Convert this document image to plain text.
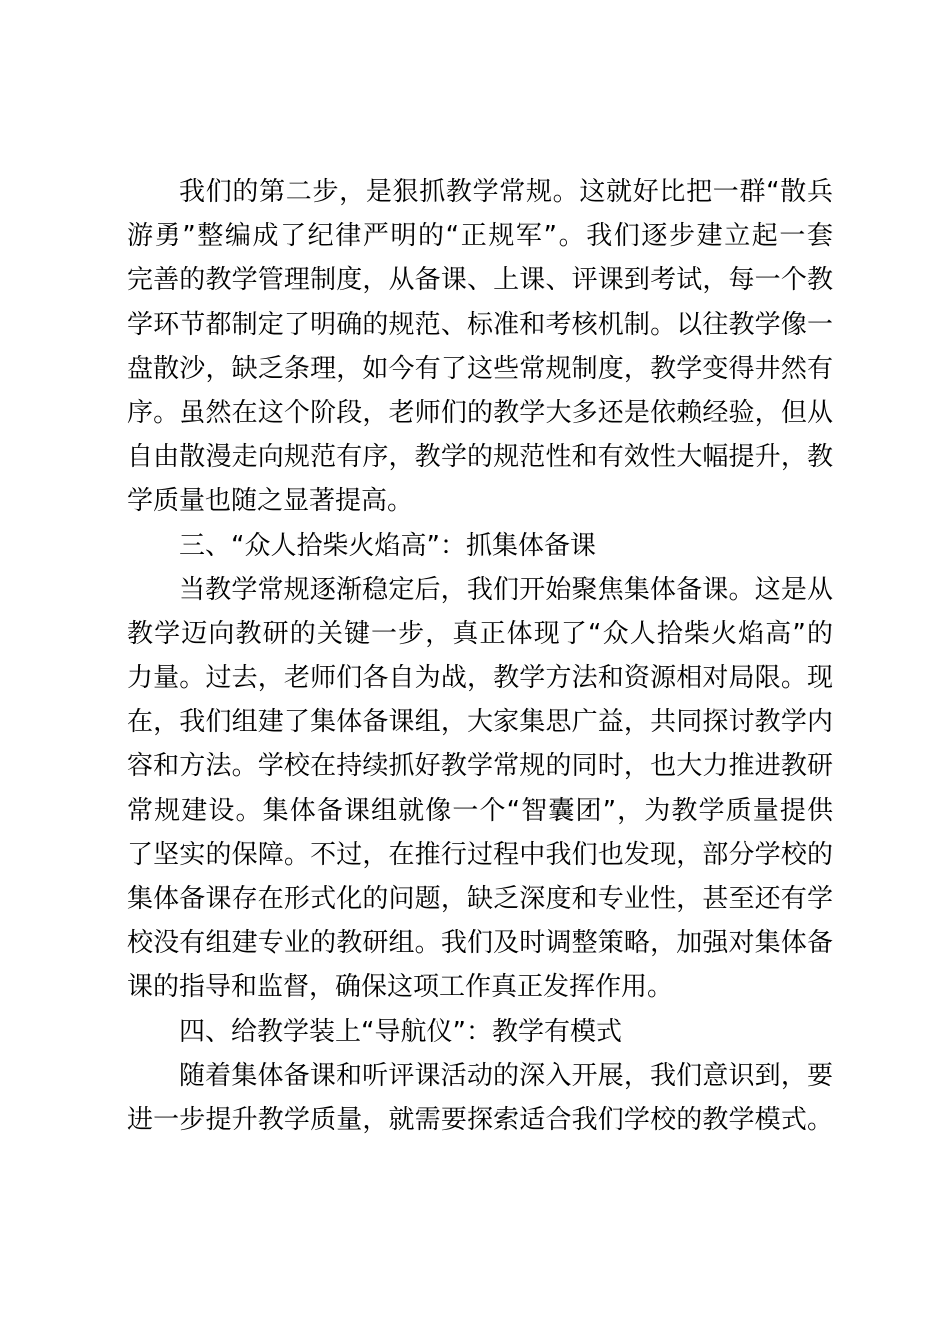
我们的第二步，是狠抓教学常规。这就好比把一群“散兵
游勇”整编成了纪律严明的“正规军”。我们逐步建立起一套
完善的教学管理制度，从备课、上课、评课到考试，每一个教
学环节都制定了明确的规范、标准和考核机制。以往教学像一
盘散沙，缺乏条理，如今有了这些常规制度，教学变得井然有
序。虽然在这个阶段，老师们的教学大多还是依赖经验，但从
自由散漫走向规范有序，教学的规范性和有效性大幅提升，教
学质量也随之显著提高。
三、“众人拾柴火焰高”：抓集体备课
当教学常规逐渐稳定后，我们开始聚焦集体备课。这是从
教学迈向教研的关键一步，真正体现了“众人拾柴火焰高”的
力量。过去，老师们各自为战，教学方法和资源相对局限。现
在，我们组建了集体备课组，大家集思广益，共同探讨教学内
容和方法。学校在持续抓好教学常规的同时，也大力推进教研
常规建设。集体备课组就像一个“智囊团”，为教学质量提供
了坚实的保障。不过，在推行过程中我们也发现，部分学校的
集体备课存在形式化的问题，缺乏深度和专业性，甚至还有学
校没有组建专业的教研组。我们及时调整策略，加强对集体备
课的指导和监督，确保这项工作真正发挥作用。
四、给教学装上“导航仪”：教学有模式
随着集体备课和听评课活动的深入开展，我们意识到，要
进一步提升教学质量，就需要探索适合我们学校的教学模式。
